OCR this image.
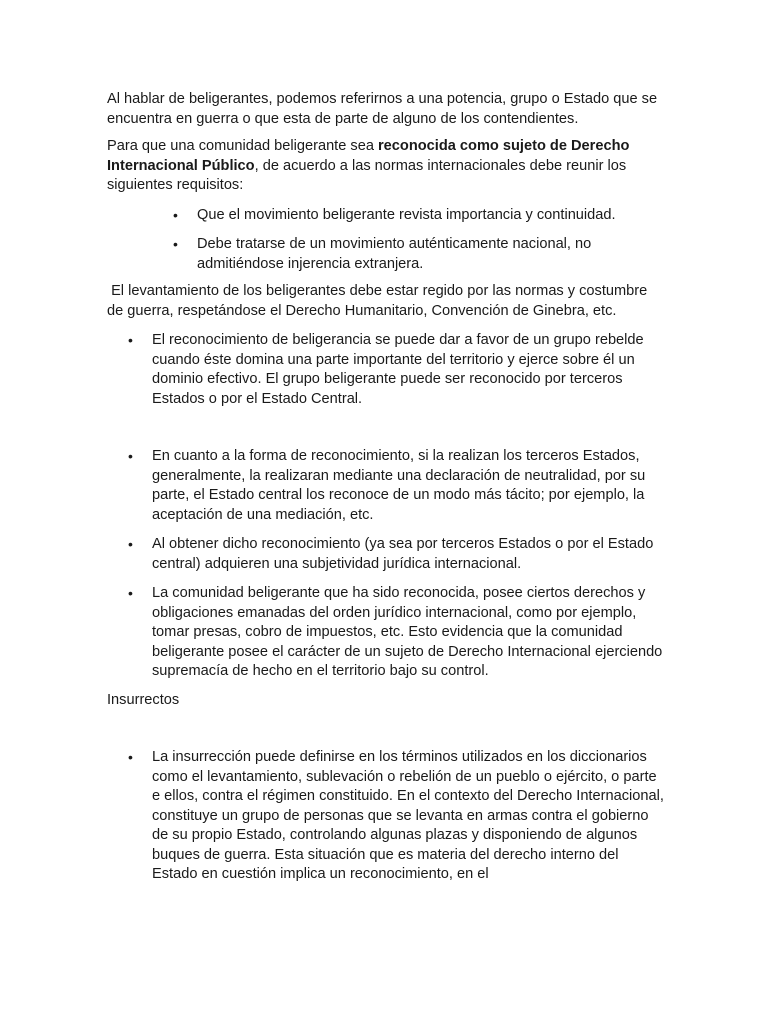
Al hablar de beligerantes, podemos referirnos a una potencia, grupo o Estado que se encuentra en guerra o que esta de parte de alguno de los contendientes.

Para que una comunidad beligerante sea reconocida como sujeto de Derecho Internacional Público, de acuerdo a las normas internacionales debe reunir los siguientes requisitos:

• Que el movimiento beligerante revista importancia y continuidad.
• Debe tratarse de un movimiento auténticamente nacional, no admitiéndose injerencia extranjera.

El levantamiento de los beligerantes debe estar regido por las normas y costumbre de guerra, respetándose el Derecho Humanitario, Convención de Ginebra, etc.

• El reconocimiento de beligerancia se puede dar a favor de un grupo rebelde cuando éste domina una parte importante del territorio y ejerce sobre él un dominio efectivo. El grupo beligerante puede ser reconocido por terceros Estados o por el Estado Central.
• En cuanto a la forma de reconocimiento, si la realizan los terceros Estados, generalmente, la realizaran mediante una declaración de neutralidad, por su parte, el Estado central los reconoce de un modo más tácito; por ejemplo, la aceptación de una mediación, etc.
• Al obtener dicho reconocimiento (ya sea por terceros Estados o por el Estado central) adquieren una subjetividad jurídica internacional.
• La comunidad beligerante que ha sido reconocida, posee ciertos derechos y obligaciones emanadas del orden jurídico internacional, como por ejemplo, tomar presas, cobro de impuestos, etc. Esto evidencia que la comunidad beligerante posee el carácter de un sujeto de Derecho Internacional ejerciendo supremacía de hecho en el territorio bajo su control.

Insurrectos

• La insurrección puede definirse en los términos utilizados en los diccionarios como el levantamiento, sublevación o rebelión de un pueblo o ejército, o parte e ellos, contra el régimen constituido. En el contexto del Derecho Internacional, constituye un grupo de personas que se levanta en armas contra el gobierno de su propio Estado, controlando algunas plazas y disponiendo de algunos buques de guerra. Esta situación que es materia del derecho interno del Estado en cuestión implica un reconocimiento, en el
